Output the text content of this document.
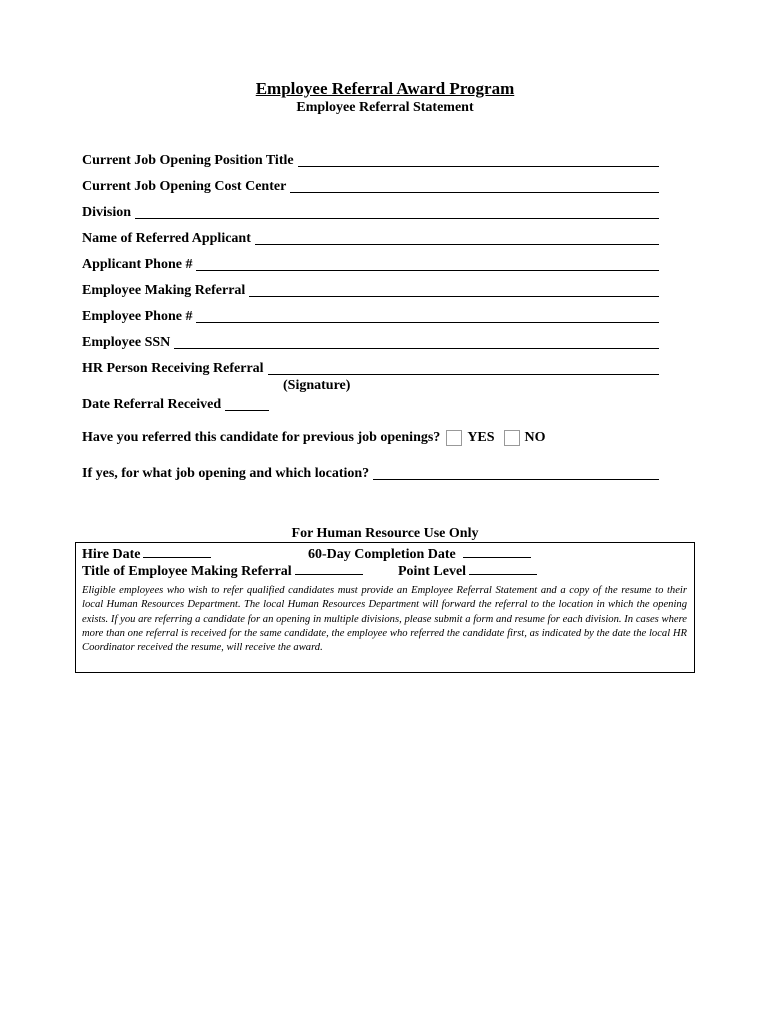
Employee Referral Award Program
Employee Referral Statement
Current Job Opening Position Title
Current Job Opening Cost Center
Division
Name of Referred Applicant
Applicant Phone #
Employee Making Referral
Employee Phone #
Employee SSN
HR Person Receiving Referral
(Signature)
Date Referral Received
Have you referred this candidate for previous job openings? YES NO
If yes, for what job opening and which location?
For Human Resource Use Only
Hire Date	60-Day Completion Date
Title of Employee Making Referral	Point Level
Eligible employees who wish to refer qualified candidates must provide an Employee Referral Statement and a copy of the resume to their local Human Resources Department. The local Human Resources Department will forward the referral to the location in which the opening exists. If you are referring a candidate for an opening in multiple divisions, please submit a form and resume for each division. In cases where more than one referral is received for the same candidate, the employee who referred the candidate first, as indicated by the date the local HR Coordinator received the resume, will receive the award.
